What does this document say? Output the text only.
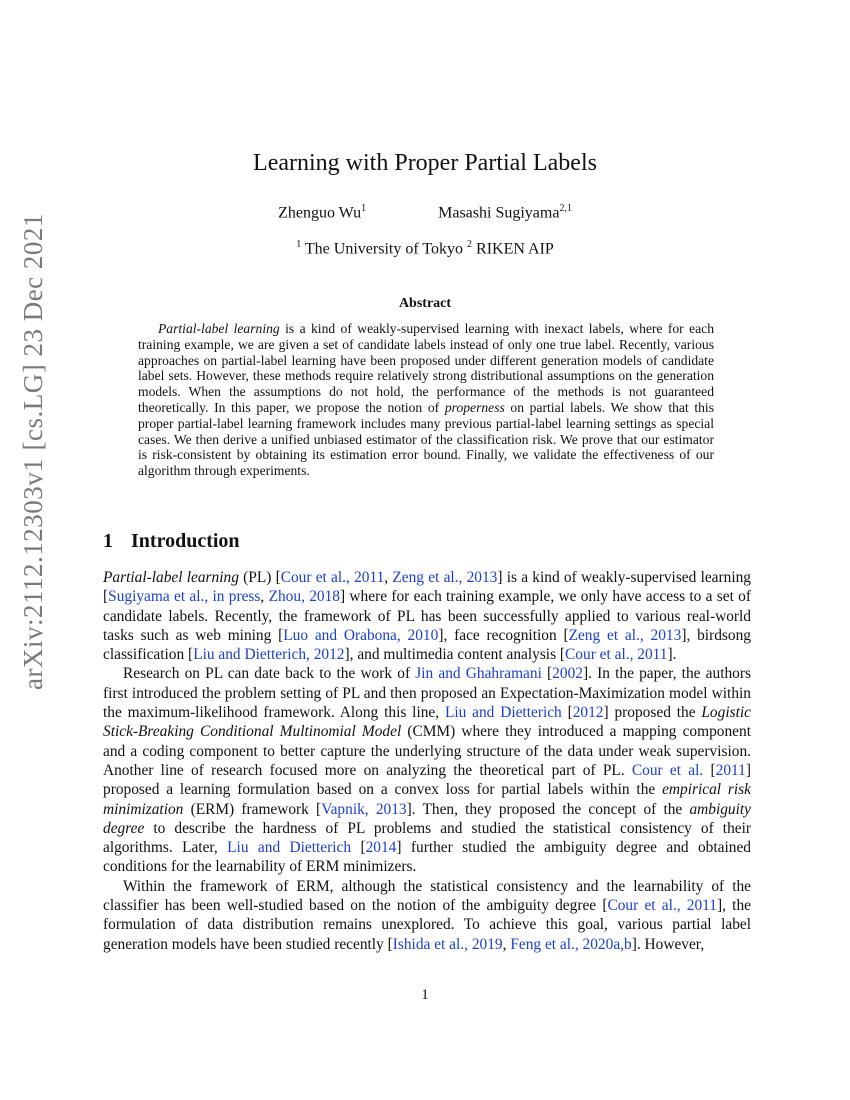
arXiv:2112.12303v1 [cs.LG] 23 Dec 2021
Learning with Proper Partial Labels
Zhenguo Wu$^1$	Masashi Sugiyama$^{2,1}$
$^1$ The University of Tokyo $^2$ RIKEN AIP
Abstract
Partial-label learning is a kind of weakly-supervised learning with inexact labels, where for each training example, we are given a set of candidate labels instead of only one true label. Recently, various approaches on partial-label learning have been proposed under different generation models of candidate label sets. However, these methods require relatively strong distributional assumptions on the generation models. When the assumptions do not hold, the performance of the methods is not guaranteed theoretically. In this paper, we propose the notion of properness on partial labels. We show that this proper partial-label learning framework includes many previous partial-label learning settings as special cases. We then derive a unified unbiased estimator of the classification risk. We prove that our estimator is risk-consistent by obtaining its estimation error bound. Finally, we validate the effectiveness of our algorithm through experiments.
1 Introduction

Partial-label learning (PL) [Cour et al., 2011, Zeng et al., 2013] is a kind of weakly-supervised learning [Sugiyama et al., in press, Zhou, 2018] where for each training example, we only have access to a set of candidate labels. Recently, the framework of PL has been successfully applied to various real-world tasks such as web mining [Luo and Orabona, 2010], face recognition [Zeng et al., 2013], birdsong classification [Liu and Dietterich, 2012], and multimedia content analysis [Cour et al., 2011].

Research on PL can date back to the work of Jin and Ghahramani [2002]. In the paper, the authors first introduced the problem setting of PL and then proposed an Expectation-Maximization model within the maximum-likelihood framework. Along this line, Liu and Dietterich [2012] proposed the Logistic Stick-Breaking Conditional Multinomial Model (CMM) where they introduced a mapping component and a coding component to better capture the underlying structure of the data under weak supervision. Another line of research focused more on analyzing the theoretical part of PL. Cour et al. [2011] proposed a learning formulation based on a convex loss for partial labels within the empirical risk minimization (ERM) framework [Vapnik, 2013]. Then, they proposed the concept of the ambiguity degree to describe the hardness of PL problems and studied the statistical consistency of their algorithms. Later, Liu and Dietterich [2014] further studied the ambiguity degree and obtained conditions for the learnability of ERM minimizers.

Within the framework of ERM, although the statistical consistency and the learnability of the classifier has been well-studied based on the notion of the ambiguity degree [Cour et al., 2011], the formulation of data distribution remains unexplored. To achieve this goal, various partial label generation models have been studied recently [Ishida et al., 2019, Feng et al., 2020a,b]. However,

1
